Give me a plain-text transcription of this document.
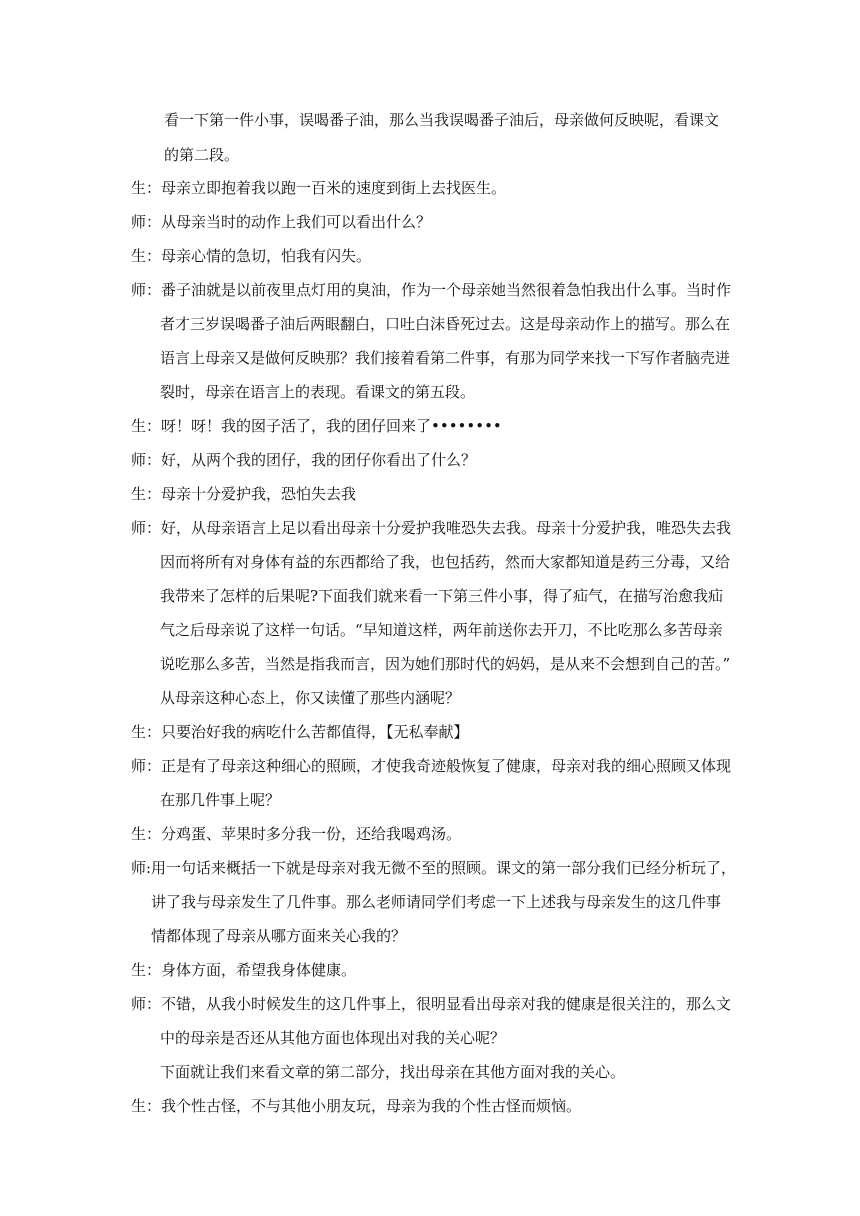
看一下第一件小事，误喝番子油，那么当我误喝番子油后，母亲做何反映呢，看课文
的第二段。
生：母亲立即抱着我以跑一百米的速度到街上去找医生。
师：从母亲当时的动作上我们可以看出什么？
生：母亲心情的急切，怕我有闪失。
师：番子油就是以前夜里点灯用的臭油，作为一个母亲她当然很着急怕我出什么事。当时作
者才三岁误喝番子油后两眼翻白，口吐白沫昏死过去。这是母亲动作上的描写。那么在
语言上母亲又是做何反映那？我们接着看第二件事，有那为同学来找一下写作者脑壳迸
裂时，母亲在语言上的表现。看课文的第五段。
生：呀！呀！我的囡子活了，我的团仔回来了••••••••
师：好，从两个我的团仔，我的团仔你看出了什么？
生：母亲十分爱护我，恐怕失去我
师：好，从母亲语言上足以看出母亲十分爱护我唯恐失去我。母亲十分爱护我，唯恐失去我
因而将所有对身体有益的东西都给了我，也包括药，然而大家都知道是药三分毒，又给
我带来了怎样的后果呢?下面我们就来看一下第三件小事，得了疝气，在描写治愈我疝
气之后母亲说了这样一句话。“早知道这样，两年前送你去开刀，不比吃那么多苦母亲
说吃那么多苦，当然是指我而言，因为她们那时代的妈妈，是从来不会想到自己的苦。”
从母亲这种心态上，你又读懂了那些内涵呢？
生：只要治好我的病吃什么苦都值得，【无私奉献】
师：正是有了母亲这种细心的照顾，才使我奇迹般恢复了健康，母亲对我的细心照顾又体现
在那几件事上呢？
生：分鸡蛋、苹果时多分我一份，还给我喝鸡汤。
师:用一句话来概括一下就是母亲对我无微不至的照顾。课文的第一部分我们已经分析玩了，
讲了我与母亲发生了几件事。那么老师请同学们考虑一下上述我与母亲发生的这几件事
情都体现了母亲从哪方面来关心我的？
生：身体方面，希望我身体健康。
师：不错，从我小时候发生的这几件事上，很明显看出母亲对我的健康是很关注的，那么文
中的母亲是否还从其他方面也体现出对我的关心呢？
下面就让我们来看文章的第二部分，找出母亲在其他方面对我的关心。
生：我个性古怪，不与其他小朋友玩，母亲为我的个性古怪而烦恼。
